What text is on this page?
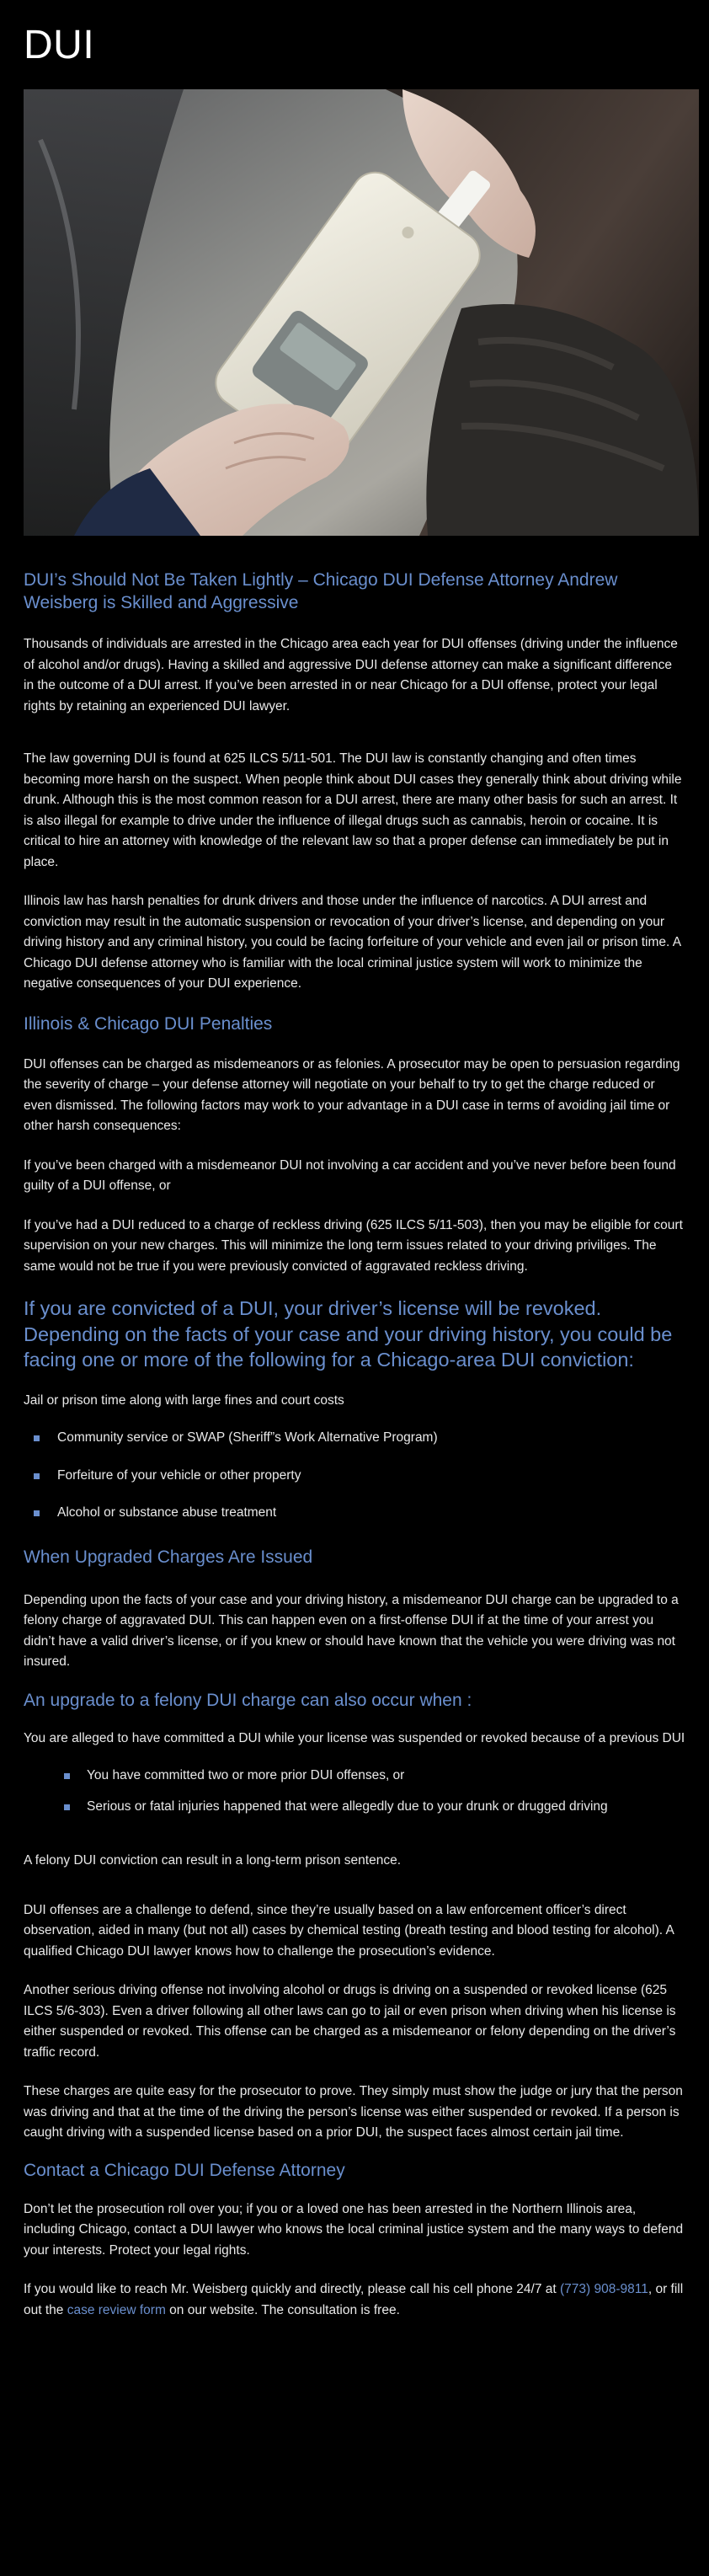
DUI
DUI’s Should Not Be Taken Lightly – Chicago DUI Defense Attorney Andrew Weisberg is Skilled and Aggressive

Thousands of individuals are arrested in the Chicago area each year for DUI offenses (driving under the influence of alcohol and/or drugs). Having a skilled and aggressive DUI defense attorney can make a significant difference in the outcome of a DUI arrest. If you’ve been arrested in or near Chicago for a DUI offense, protect your legal rights by retaining an experienced DUI lawyer.

The law governing DUI is found at 625 ILCS 5/11-501. The DUI law is constantly changing and often times becoming more harsh on the suspect. When people think about DUI cases they generally think about driving while drunk. Although this is the most common reason for a DUI arrest, there are many other basis for such an arrest. It is also illegal for example to drive under the influence of illegal drugs such as cannabis, heroin or cocaine. It is critical to hire an attorney with knowledge of the relevant law so that a proper defense can immediately be put in place.

Illinois law has harsh penalties for drunk drivers and those under the influence of narcotics. A DUI arrest and conviction may result in the automatic suspension or revocation of your driver’s license, and depending on your driving history and any criminal history, you could be facing forfeiture of your vehicle and even jail or prison time. A Chicago DUI defense attorney who is familiar with the local criminal justice system will work to minimize the negative consequences of your DUI experience.

Illinois & Chicago DUI Penalties

DUI offenses can be charged as misdemeanors or as felonies. A prosecutor may be open to persuasion regarding the severity of charge – your defense attorney will negotiate on your behalf to try to get the charge reduced or even dismissed. The following factors may work to your advantage in a DUI case in terms of avoiding jail time or other harsh consequences:

If you’ve been charged with a misdemeanor DUI not involving a car accident and you’ve never before been found guilty of a DUI offense, or

If you’ve had a DUI reduced to a charge of reckless driving (625 ILCS 5/11-503), then you may be eligible for court supervision on your new charges. This will minimize the long term issues related to your driving priviliges. The same would not be true if you were previously convicted of aggravated reckless driving.

If you are convicted of a DUI, your driver’s license will be revoked. Depending on the facts of your case and your driving history, you could be facing one or more of the following for a Chicago-area DUI conviction:

Jail or prison time along with large fines and court costs

Community service or SWAP (Sheriff”s Work Alternative Program)
Forfeiture of your vehicle or other property
Alcohol or substance abuse treatment
When Upgraded Charges Are Issued

Depending upon the facts of your case and your driving history, a misdemeanor DUI charge can be upgraded to a felony charge of aggravated DUI. This can happen even on a first-offense DUI if at the time of your arrest you didn’t have a valid driver’s license, or if you knew or should have known that the vehicle you were driving was not insured.

An upgrade to a felony DUI charge can also occur when :

You are alleged to have committed a DUI while your license was suspended or revoked because of a previous DUI

You have committed two or more prior DUI offenses, or
Serious or fatal injuries happened that were allegedly due to your drunk or drugged driving

A felony DUI conviction can result in a long-term prison sentence.

DUI offenses are a challenge to defend, since they’re usually based on a law enforcement officer’s direct observation, aided in many (but not all) cases by chemical testing (breath testing and blood testing for alcohol). A qualified Chicago DUI lawyer knows how to challenge the prosecution’s evidence.

Another serious driving offense not involving alcohol or drugs is driving on a suspended or revoked license (625 ILCS 5/6-303). Even a driver following all other laws can go to jail or even prison when driving when his license is either suspended or revoked. This offense can be charged as a misdemeanor or felony depending on the driver’s traffic record.

These charges are quite easy for the prosecutor to prove. They simply must show the judge or jury that the person was driving and that at the time of the driving the person’s license was either suspended or revoked. If a person is caught driving with a suspended license based on a prior DUI, the suspect faces almost certain jail time.

Contact a Chicago DUI Defense Attorney

Don’t let the prosecution roll over you; if you or a loved one has been arrested in the Northern Illinois area, including Chicago, contact a DUI lawyer who knows the local criminal justice system and the many ways to defend your interests. Protect your legal rights.

If you would like to reach Mr. Weisberg quickly and directly, please call his cell phone 24/7 at (773) 908-9811, or fill out the case review form on our website. The consultation is free.
